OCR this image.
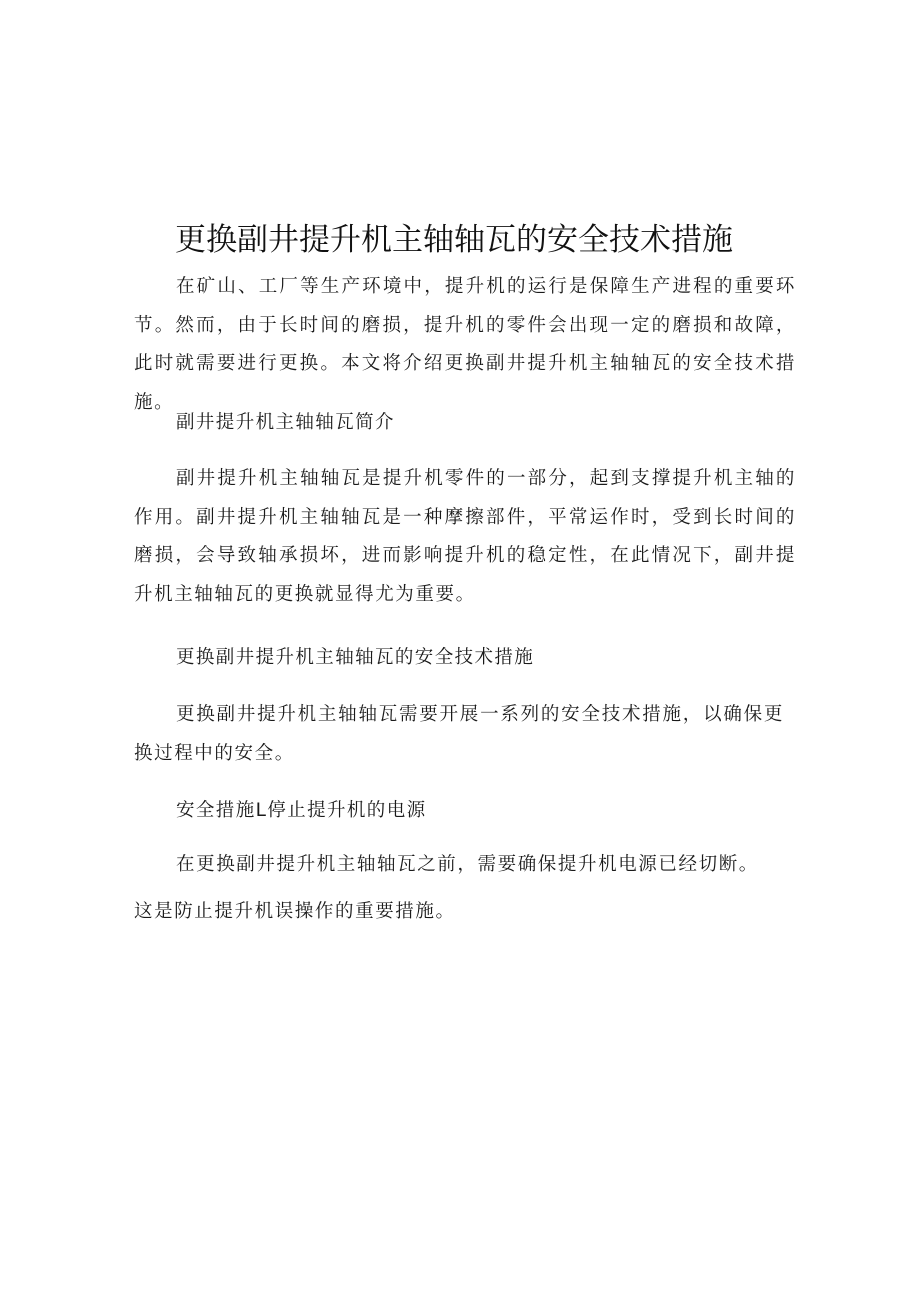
更换副井提升机主轴轴瓦的安全技术措施

在矿山、工厂等生产环境中，提升机的运行是保障生产进程的重要环节。然而，由于长时间的磨损，提升机的零件会出现一定的磨损和故障，此时就需要进行更换。本文将介绍更换副井提升机主轴轴瓦的安全技术措施。

副井提升机主轴轴瓦简介

副井提升机主轴轴瓦是提升机零件的一部分，起到支撑提升机主轴的作用。副井提升机主轴轴瓦是一种摩擦部件，平常运作时，受到长时间的磨损，会导致轴承损坏，进而影响提升机的稳定性，在此情况下，副井提升机主轴轴瓦的更换就显得尤为重要。

更换副井提升机主轴轴瓦的安全技术措施

更换副井提升机主轴轴瓦需要开展一系列的安全技术措施，以确保更换过程中的安全。

安全措施L停止提升机的电源

在更换副井提升机主轴轴瓦之前，需要确保提升机电源已经切断。

这是防止提升机误操作的重要措施。
